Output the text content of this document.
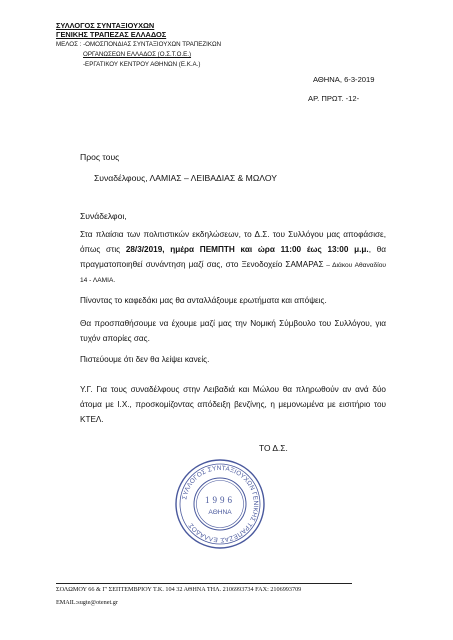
ΣΥΛΛΟΓΟΣ ΣΥΝΤΑΞΙΟΥΧΩΝ
ΓΕΝΙΚΗΣ ΤΡΑΠΕΖΑΣ ΕΛΛΑΔΟΣ
ΜΕΛΟΣ : -ΟΜΟΣΠΟΝΔΙΑΣ ΣΥΝΤΑΞΙΟΥΧΩΝ ΤΡΑΠΕΖΙΚΩΝ
ΟΡΓΑΝΩΣΕΩΝ ΕΛΛΑΔΟΣ (Ο.Σ.Τ.Ο.Ε.)
-ΕΡΓΑΤΙΚΟΥ ΚΕΝΤΡΟΥ ΑΘΗΝΩΝ (Ε.Κ.Α.)
ΑΘΗΝΑ, 6-3-2019
ΑΡ. ΠΡΩΤ. -12-
Προς τους
Συναδέλφους, ΛΑΜΙΑΣ – ΛΕΙΒΑΔΙΑΣ & ΜΩΛΟΥ
Συνάδελφοι,
Στα πλαίσια των πολιτιστικών εκδηλώσεων, το Δ.Σ. του Συλλόγου μας αποφάσισε, όπως στις 28/3/2019, ημέρα ΠΕΜΠΤΗ και ώρα 11:00 έως 13:00 μ.μ., θα πραγματοποιηθεί συνάντηση μαζί σας, στο Ξενοδοχείο ΣΑΜΑΡΑΣ – Διάκου Αθαναδίου 14 - ΛΑΜΙΑ.
Πίνοντας το καφεδάκι μας θα ανταλλάξουμε ερωτήματα και απόψεις.
Θα προσπαθήσουμε να έχουμε μαζί μας την Νομική Σύμβουλο του Συλλόγου, για τυχόν απορίες σας.
Πιστεύουμε ότι δεν θα λείψει κανείς.
Υ.Γ. Για τους συναδέλφους στην Λειβαδιά και Μώλου θα πληρωθούν αν ανά δύο άτομα με Ι.Χ., προσκομίζοντας απόδειξη βενζίνης, η μεμονωμένα με εισιτήριο του ΚΤΕΛ.
ΤΟ Δ.Σ.
ΣΥΛΛΟΓΟΣ ΣΥΝΤΑΞΙΟΥΧΩΝ ΓΕΝΙΚΗΣ ΤΡΑΠΕΖΑΣ ΕΛΛΑΔΟΣ
1996
ΑΘΗΝΑ
ΣΟΛΩΜΟΥ 66 & Γ' ΣΕΠΤΕΜΒΡΙΟΥ Τ.Κ. 104 32 ΑΘΗΝΑ ΤΗΛ. 2106993734 FAX: 2106993709
EMAIL:sugte@otenet.gr
